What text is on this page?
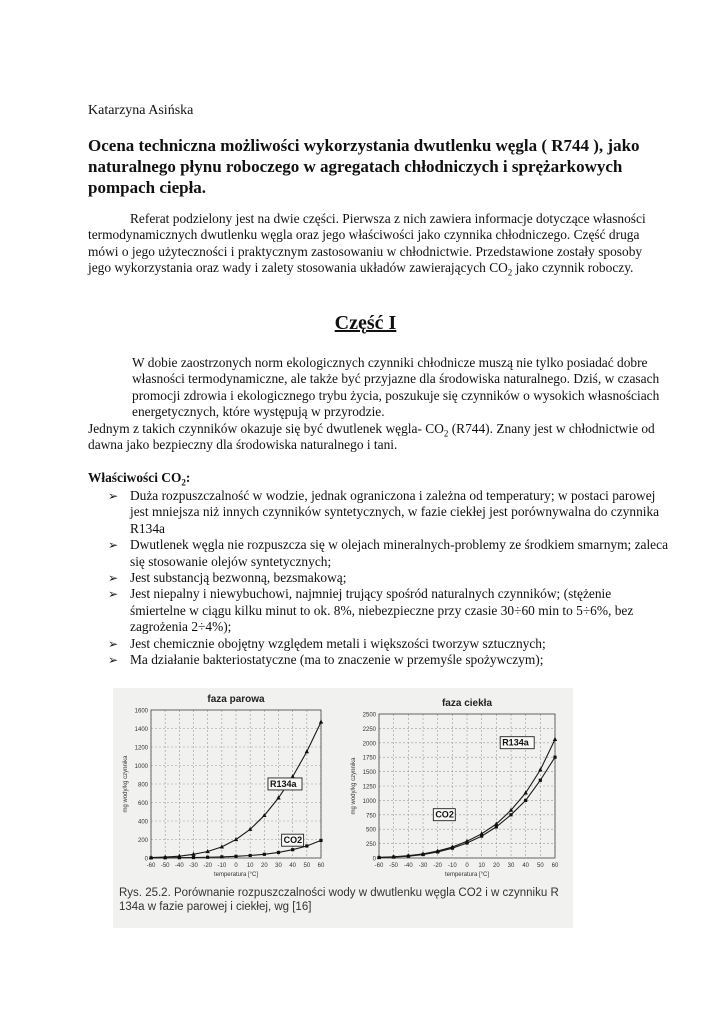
Katarzyna Asińska
Ocena techniczna możliwości wykorzystania dwutlenku węgla ( R744 ), jako naturalnego płynu roboczego w agregatach chłodniczych i sprężarkowych pompach ciepła.
Referat podzielony jest na dwie części. Pierwsza z nich zawiera informacje dotyczące własności termodynamicznych dwutlenku węgla oraz jego właściwości jako czynnika chłodniczego. Część druga mówi o jego użyteczności i praktycznym zastosowaniu w chłodnictwie. Przedstawione zostały sposoby jego wykorzystania oraz wady i zalety stosowania układów zawierających $CO_2$ jako czynnik roboczy.
Część I
W dobie zaostrzonych norm ekologicznych czynniki chłodnicze muszą nie tylko posiadać dobre własności termodynamiczne, ale także być przyjazne dla środowiska naturalnego. Dziś, w czasach promocji zdrowia i ekologicznego trybu życia, poszukuje się czynników o wysokich własnościach energetycznych, które występują w przyrodzie.
Jednym z takich czynników okazuje się być dwutlenek węgla- $CO_2$ (R744). Znany jest w chłodnictwie od dawna jako bezpieczny dla środowiska naturalnego i tani.
Właściwości $CO_2$:
➢ Duża rozpuszczalność w wodzie, jednak ograniczona i zależna od temperatury; w postaci parowej jest mniejsza niż innych czynników syntetycznych, w fazie ciekłej jest porównywalna do czynnika R134a
➢ Dwutlenek węgla nie rozpuszcza się w olejach mineralnych-problemy ze środkiem smarnym; zaleca się stosowanie olejów syntetycznych;
➢ Jest substancją bezwonną, bezsmakową;
➢ Jest niepalny i niewybuchowi, najmniej trujący spośród naturalnych czynników; (stężenie śmiertelne w ciągu kilku minut to ok. 8%, niebezpieczne przy czasie 30÷60 min to 5÷6%, bez zagrożenia 2÷4%);
➢ Jest chemicznie obojętny względem metali i większości tworzyw sztucznych;
➢ Ma działanie bakteriostatyczne (ma to znaczenie w przemyśle spożywczym);
faza parowa
0
200
400
600
800
1000
1200
1400
1600
-60 -50 -40 -30 -20 -10 0 10 20 30 40 50 60
temperatura [°C]
mg wody/kg czynnika	R134a
CO2
faza ciekła
0
250
500
750
1000
1250
1500
1750
2000
2250
2500
-60 -50 -40 -30 -20 -10 0 10 20 30 40 50 60
temperatura [°C]
mg wody/kg czynnika
R134a
CO2
Rys. 25.2. Porównanie rozpuszczalności wody w dwutlenku węgla CO2 i w czynniku R 134a w fazie parowej i ciekłej, wg [16]
